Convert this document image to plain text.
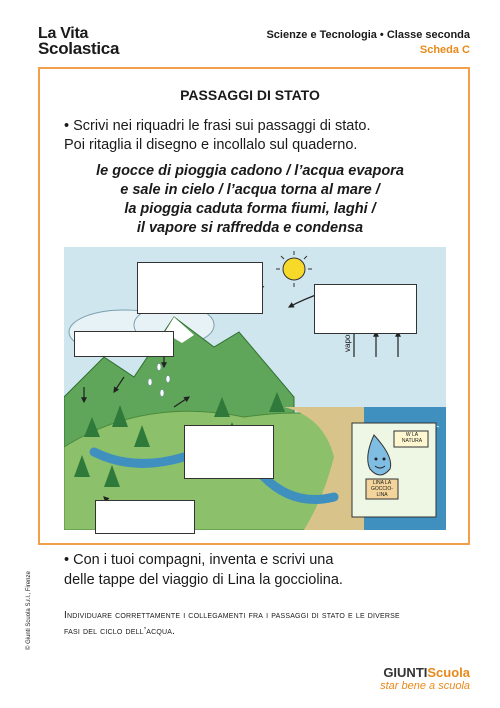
La Vita
Scolastica
Scienze e Tecnologia • Classe seconda
Scheda C
PASSAGGI DI STATO
• Scrivi nei riquadri le frasi sui passaggi di stato.
Poi ritaglia il disegno e incollalo sul quaderno.
le gocce di pioggia cadono / l’acqua evapora
e sale in cielo / l’acqua torna al mare /
la pioggia caduta forma fiumi, laghi /
il vapore si raffredda e condensa
W LA NATURA
LINA LA GOCCIO-LINA
• Con i tuoi compagni, inventa e scrivi una
delle tappe del viaggio di Lina la gocciolina.
Individuare correttamente i collegamenti fra i passaggi di stato e le diverse
fasi del ciclo dell’acqua.
© Giunti Scuola S.r.l., Firenze
GIUNTIScuola
star bene a scuola
